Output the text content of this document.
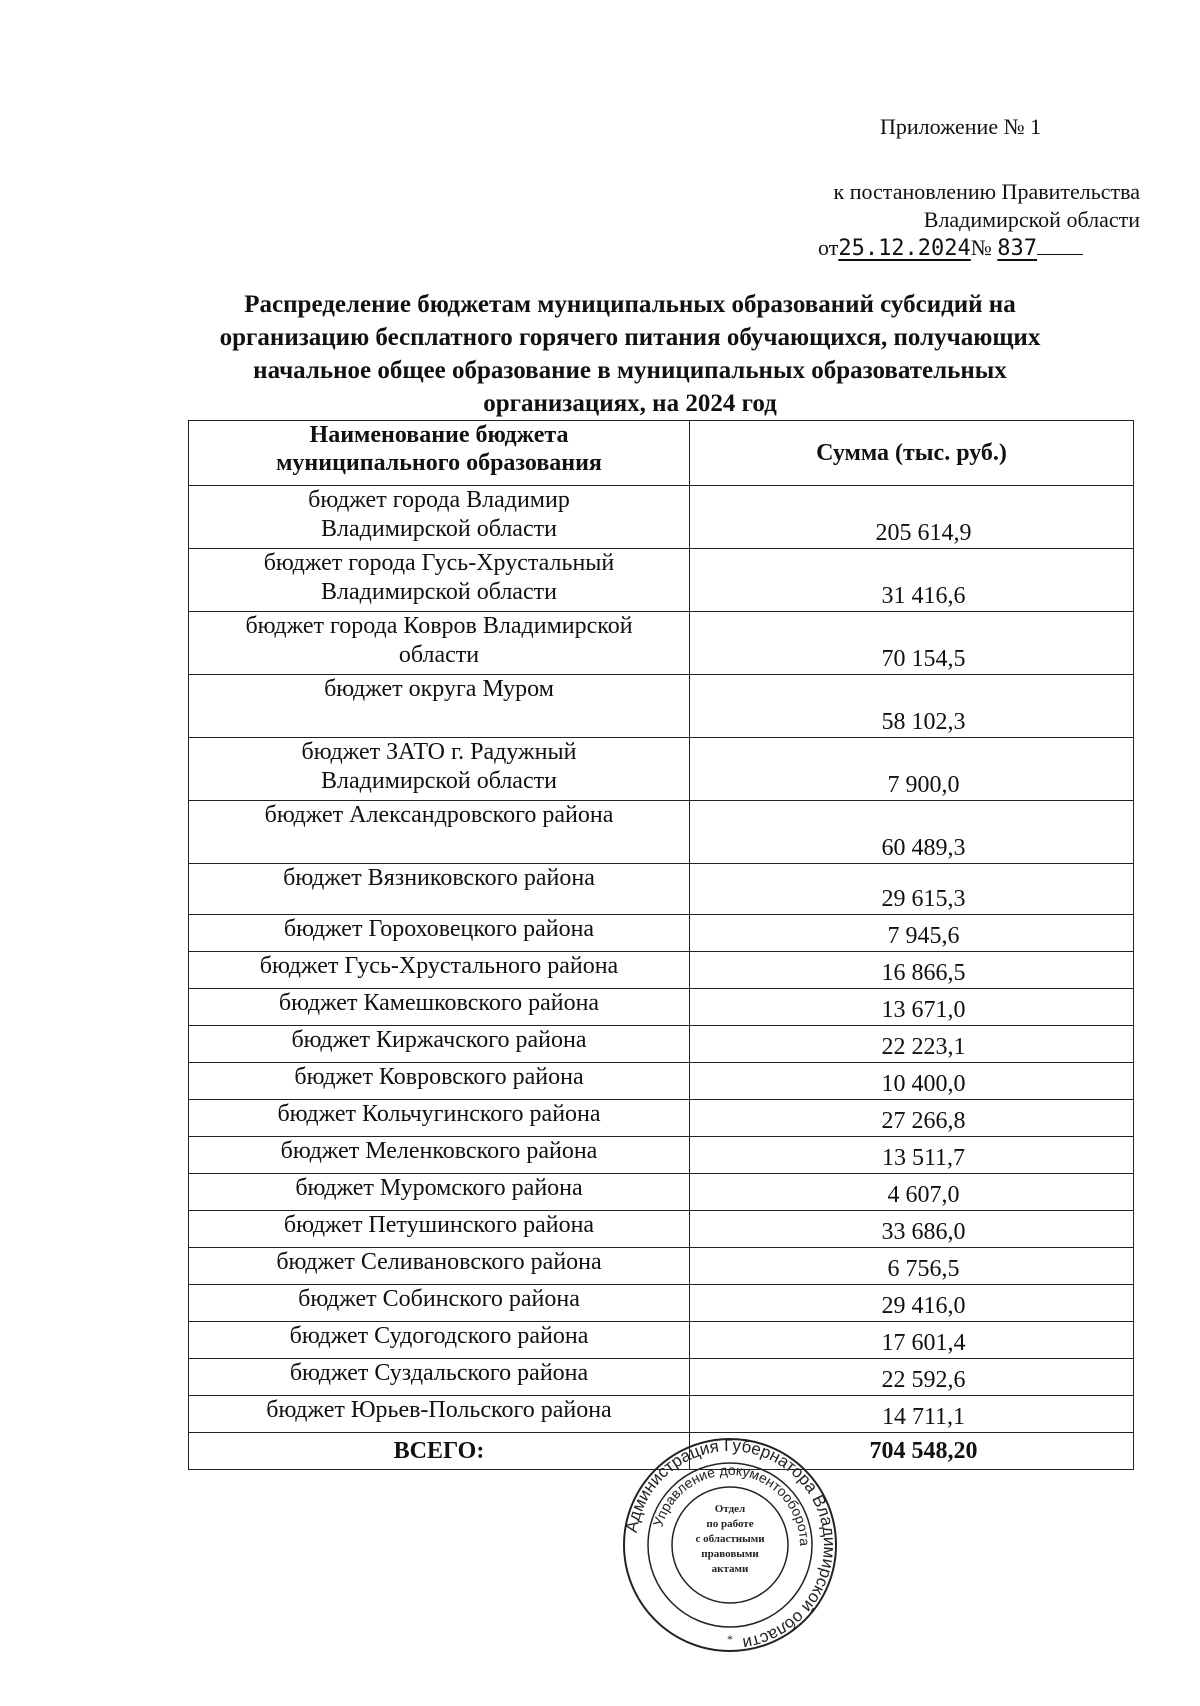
Приложение № 1
к постановлению Правительства
Владимирской области
от25.12.2024№ 837
Распределение бюджетам муниципальных образований субсидий на
организацию бесплатного горячего питания обучающихся, получающих
начальное общее образование в муниципальных образовательных
организациях, на 2024 год
Наименование бюджета
муниципального образования	Сумма (тыс. руб.)

бюджет города Владимир
Владимирской области	205 614,9

бюджет города Гусь-Хрустальный
Владимирской области	31 416,6

бюджет города Ковров Владимирской
области	70 154,5

бюджет округа Муром	58 102,3

бюджет ЗАТО г. Радужный
Владимирской области	7 900,0

бюджет Александровского района	60 489,3

бюджет Вязниковского района	29 615,3

бюджет Гороховецкого района	7 945,6

бюджет Гусь-Хрустального района	16 866,5

бюджет Камешковского района	13 671,0

бюджет Киржачского района	22 223,1

бюджет Ковровского района	10 400,0

бюджет Кольчугинского района	27 266,8

бюджет Меленковского района	13 511,7

бюджет Муромского района	4 607,0

бюджет Петушинского района	33 686,0

бюджет Селивановского района	6 756,5

бюджет Собинского района	29 416,0

бюджет Судогодского района	17 601,4

бюджет Суздальского района	22 592,6

бюджет Юрьев-Польского района	14 711,1
ВСЕГО:	704 548,20
Администрация Губернатора Владимирской области
Управление документооборота
*
Отдел
по работе
с областными
правовыми
актами
